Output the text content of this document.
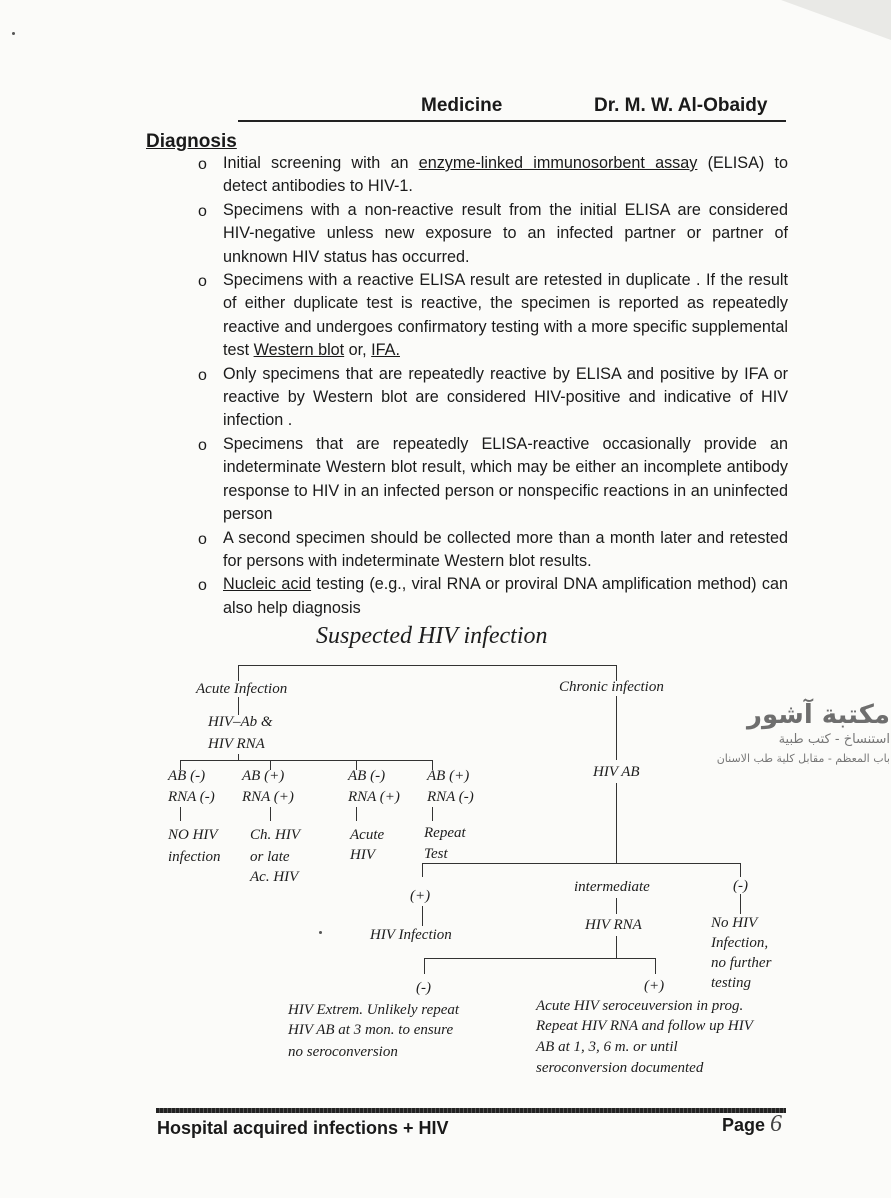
Medicine	Dr. M. W. Al-Obaidy
Diagnosis
o Initial screening with an enzyme-linked immunosorbent assay (ELISA) to detect antibodies to HIV-1.
o Specimens with a non-reactive result from the initial ELISA are considered HIV-negative unless new exposure to an infected partner or partner of unknown HIV status has occurred.
o Specimens with a reactive ELISA result are retested in duplicate . If the result of either duplicate test is reactive, the specimen is reported as repeatedly reactive and undergoes confirmatory testing with a more specific supplemental test Western blot or, IFA.
o Only specimens that are repeatedly reactive by ELISA and positive by IFA or reactive by Western blot are considered HIV-positive and indicative of HIV infection .
o Specimens that are repeatedly ELISA-reactive occasionally provide an indeterminate Western blot result, which may be either an incomplete antibody response to HIV in an infected person or nonspecific reactions in an uninfected person
o A second specimen should be collected more than a month later and retested for persons with indeterminate Western blot results.
o Nucleic acid testing (e.g., viral RNA or proviral DNA amplification method) can also help diagnosis
Suspected HIV infection
Acute Infection	Chronic infection
HIV–Ab &
HIV RNA
AB (-)
RNA (-)
AB (+)
RNA (+)
AB (-)
RNA (+)
AB (+)
RNA (-)
NO HIV
infection
Ch. HIV
or late
Ac. HIV
Acute
HIV
Repeat
Test
HIV AB
(+)
intermediate	(-)
HIV Infection
HIV RNA	No HIV
Infection,
no further
testing
(-)	(+)
HIV Extrem. Unlikely repeat
HIV AB at 3 mon. to ensure
no seroconversion
Acute HIV seroceuversion in prog.
Repeat HIV RNA and follow up HIV
AB at 1, 3, 6 m. or until
seroconversion documented
مكتبة آشور
استنساخ - كتب طبية
باب المعظم - مقابل كلية طب الاسنان
Hospital acquired infections + HIV	Page 6
